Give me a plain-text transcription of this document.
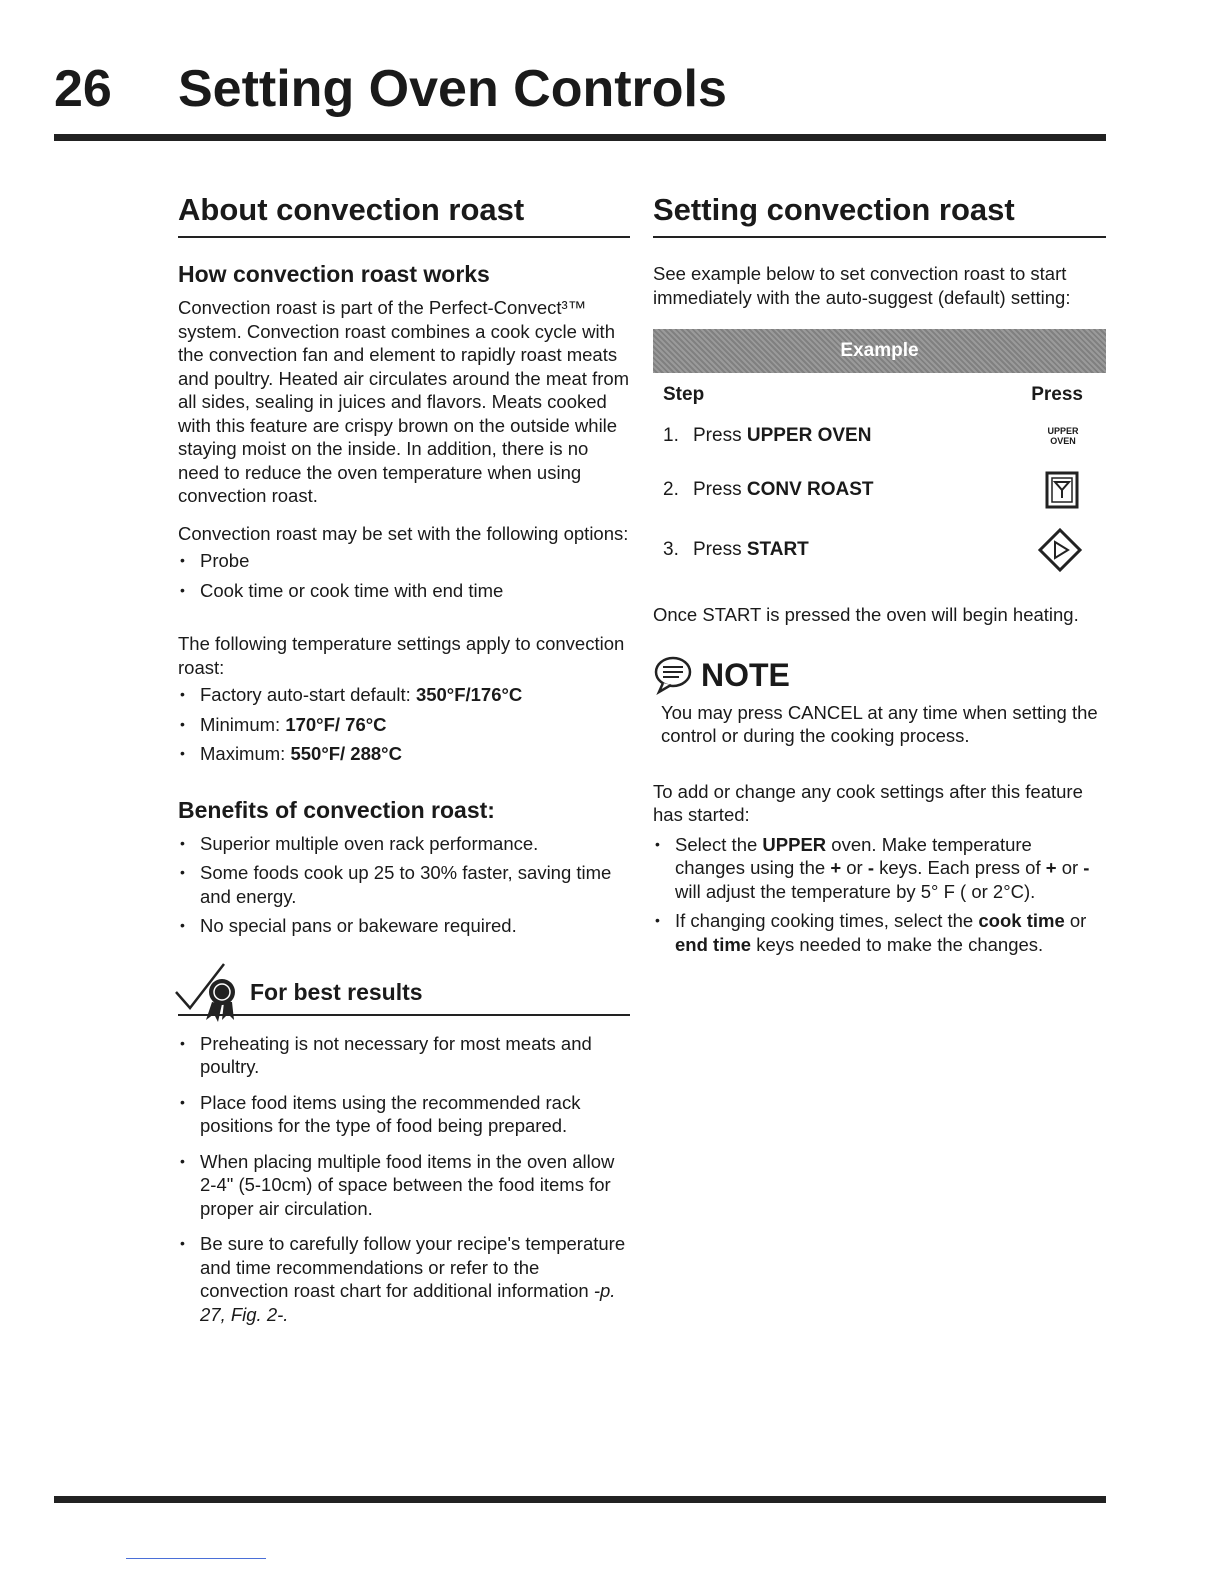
26 Setting Oven Controls
About convection roast
How convection roast works

Convection roast is part of the Perfect-Convect³™ system. Convection roast combines a cook cycle with the convection fan and element to rapidly roast meats and poultry. Heated air circulates around the meat from all sides, sealing in juices and flavors. Meats cooked with this feature are crispy brown on the outside while staying moist on the inside. In addition, there is no need to reduce the oven temperature when using convection roast.

Convection roast may be set with the following options:

• Probe
• Cook time or cook time with end time

The following temperature settings apply to convection roast:

• Factory auto-start default: 350°F/176°C
• Minimum: 170°F/ 76°C
• Maximum: 550°F/ 288°C
Benefits of convection roast:
• Superior multiple oven rack performance.
• Some foods cook up 25 to 30% faster, saving time and energy.
• No special pans or bakeware required.
For best results
• Preheating is not necessary for most meats and poultry.
• Place food items using the recommended rack positions for the type of food being prepared.
• When placing multiple food items in the oven allow 2-4" (5-10cm) of space between the food items for proper air circulation.
• Be sure to carefully follow your recipe's temperature and time recommendations or refer to the convection roast chart for additional information -p. 27, Fig. 2-.
Setting convection roast

See example below to set convection roast to start immediately with the auto-suggest (default) setting:

Example
Step	Press
1. Press UPPER OVEN	UPPER
OVEN
2. Press CONV ROAST
3. Press START

Once START is pressed the oven will begin heating.

NOTE

You may press CANCEL at any time when setting the control or during the cooking process.

To add or change any cook settings after this feature has started:

• Select the UPPER oven. Make temperature changes using the + or - keys. Each press of + or - will adjust the temperature by 5° F ( or 2°C).
• If changing cooking times, select the cook time or end time keys needed to make the changes.
